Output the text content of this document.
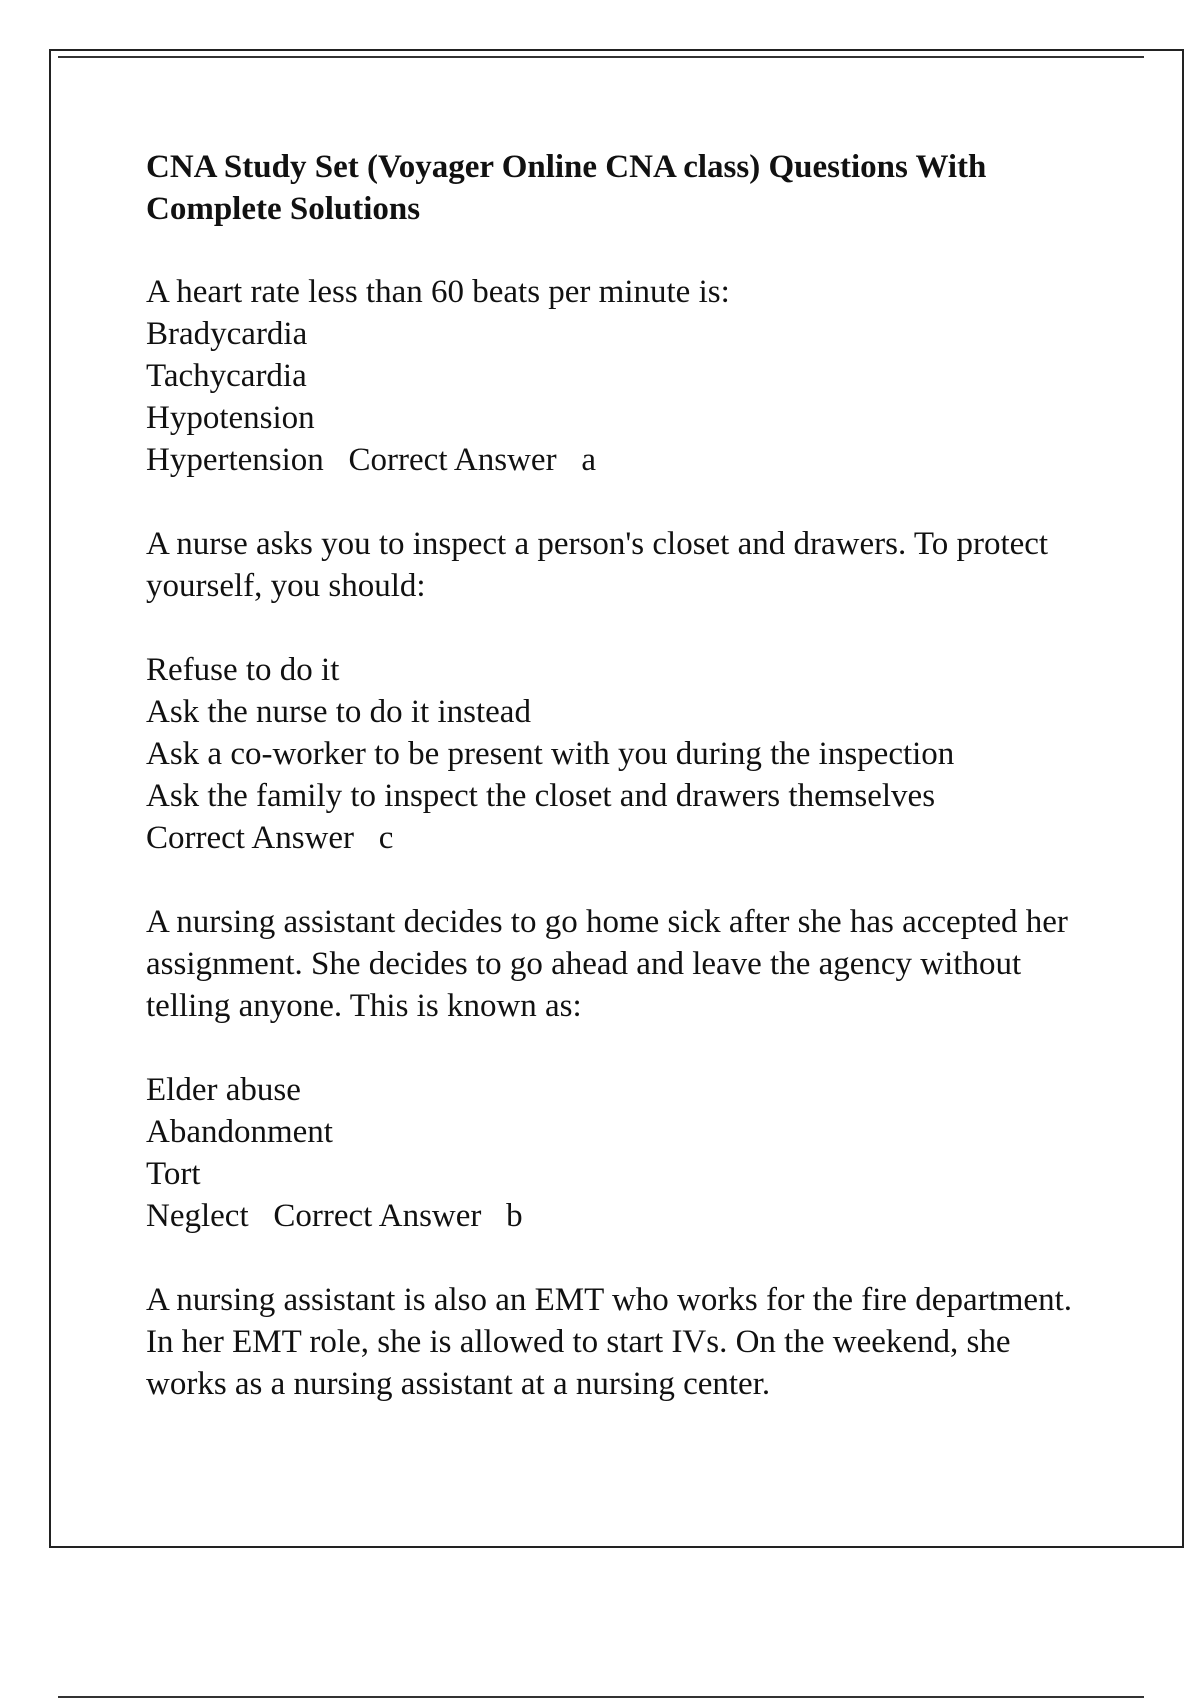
CNA Study Set (Voyager Online CNA class) Questions With Complete Solutions
A heart rate less than 60 beats per minute is:
Bradycardia
Tachycardia
Hypotension
Hypertension Correct Answer a
A nurse asks you to inspect a person's closet and drawers. To protect yourself, you should:
Refuse to do it
Ask the nurse to do it instead
Ask a co-worker to be present with you during the inspection
Ask the family to inspect the closet and drawers themselves
Correct Answer c
A nursing assistant decides to go home sick after she has accepted her assignment. She decides to go ahead and leave the agency without telling anyone. This is known as:
Elder abuse
Abandonment
Tort
Neglect Correct Answer b
A nursing assistant is also an EMT who works for the fire department. In her EMT role, she is allowed to start IVs. On the weekend, she works as a nursing assistant at a nursing center.
